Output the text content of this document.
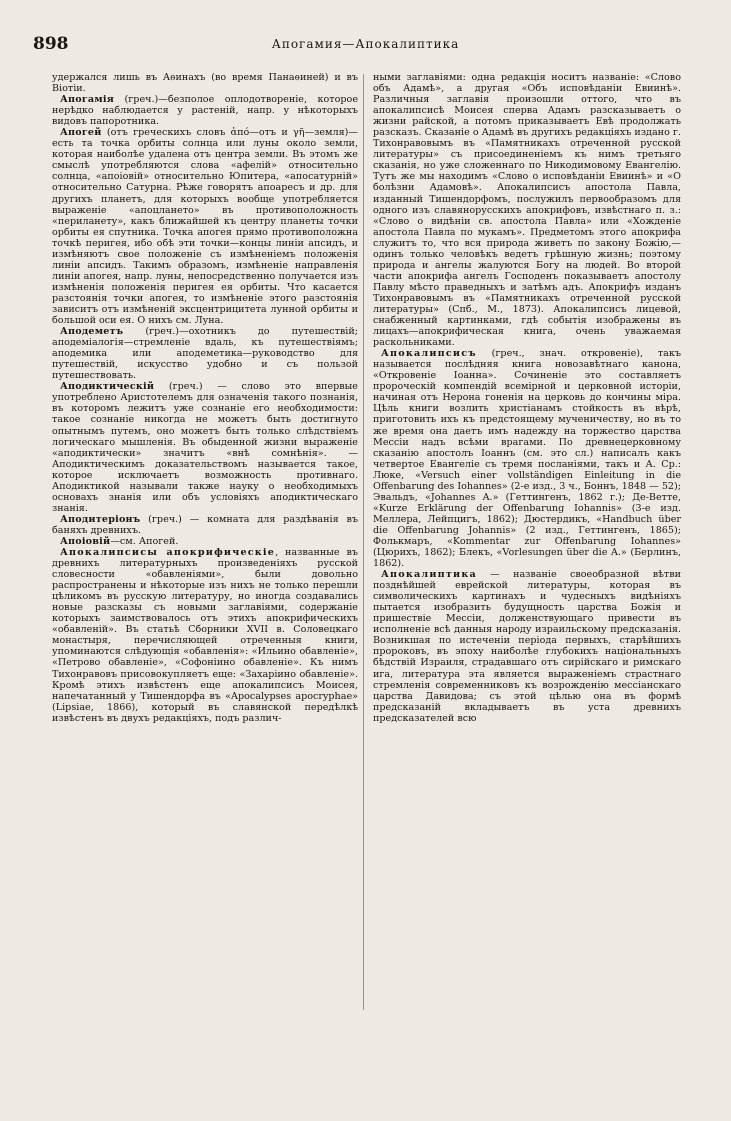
898	Апогамия—Апокалиптика

удержался лишь въ Аѳинахъ (во время Панаѳиней) и въ Віотіи.

Апогамія (греч.)—безполое оплодотвореніе, которое нерѣдко наблюдается у растеній, напр. у нѣкоторыхъ видовъ папоротника.

Апогей (отъ греческихъ словъ ἀπό—отъ и γῆ—земля)—есть та точка орбиты солнца или луны около земли, которая наиболѣе удалена отъ центра земли. Въ этомъ же смыслѣ употребляются слова «афелій» относительно солнца, «апоіовій» относительно Юпитера, «апосатурній» относительно Сатурна. Рѣже говорятъ апоаресъ и др. для другихъ планетъ, для которыхъ вообще употребляется выраженіе «апоцлането» въ противоположность «периланету», какъ ближайшей къ центру планеты точки орбиты ея спутника. Точка апогея прямо противоположна точкѣ перигея, ибо обѣ эти точки—концы линіи апсидъ, и измѣняютъ свое положеніе съ измѣненіемъ положенія линіи апсидъ. Такимъ образомъ, измѣненіе направленія линіи апогея, напр. луны, непосредственно получается изъ измѣненія положенія перигея ея орбиты. Что касается разстоянія точки апогея, то измѣненіе этого разстоянія зависитъ отъ измѣненій эксцентрицитета лунной орбиты и большой оси ея. О нихъ см. Луна.

Аподеметъ (греч.)—охотникъ до путешествій; аподеміалогія—стремленіе вдаль, къ путешествіямъ; аподемика или аподеметика—руководство для путешествій, искусство удобно и съ пользой путешествовать.

Аподиктическій (греч.) — слово это впервые употреблено Аристотелемъ для означенія такого познанія, въ которомъ лежитъ уже сознаніе его необходимости: такое сознаніе никогда не можетъ быть достигнуто опытнымъ путемъ, оно можетъ быть только слѣдствіемъ логическаго мышленія. Въ обыденной жизни выраженіе «аподиктически» значитъ «внѣ сомнѣнія». — Аподиктическимъ доказательствомъ называется такое, которое исключаетъ возможность противнаго. Аподиктикой называли также науку о необходимыхъ основахъ знанія или объ условіяхъ аподиктическаго знанія.

Аподитеріонъ (греч.) — комната для раздѣванія въ баняхъ древнихъ.

Апоіовій—см. Апогей.

Апокалипсисы апокрифическіе, названные въ древнихъ литературныхъ произведеніяхъ русской словесности «обавленіями», были довольно распространены и нѣкоторые изъ нихъ не только перешли цѣликомъ въ русскую литературу, но иногда создавались новые разсказы съ новыми заглавіями, содержаніе которыхъ заимствовалось отъ этихъ апокрифическихъ «обавленій». Въ статьѣ Сборники XVII в. Соловецкаго монастыря, перечисляющей отреченныя книги, упоминаются слѣдующія «обавленія»: «Ильино обавленіе», «Петрово обавленіе», «Софоніино обавленіе». Къ нимъ Тихонравовъ присовокупляетъ еще: «Захаріино обавленіе». Кромѣ этихъ извѣстенъ еще апокалипсисъ Моисея, напечатанный у Тишендорфа въ «Apocalypses apocryphae» (Lipsiae, 1866), который въ славянской передѣлкѣ извѣстенъ въ двухъ редакціяхъ, подъ различ-

ными заглавіями: одна редакція носитъ названіе: «Слово объ Адамѣ», а другая «Объ исповѣданіи Евиинѣ». Различныя заглавія произошли оттого, что въ апокалипсисѣ Моисея сперва Адамъ разсказываетъ о жизни райской, а потомъ приказываетъ Евѣ продолжать разсказъ. Сказаніе о Адамѣ въ другихъ редакціяхъ издано г. Тихонравовымъ въ «Памятникахъ отреченной русской литературы» съ присоединеніемъ къ нимъ третьяго сказанія, но уже сложеннаго по Никодимовому Евангелію. Тутъ же мы находимъ «Слово о исповѣданіи Евиинѣ» и «О болѣзни Адамовѣ». Апокалипсисъ апостола Павла, изданный Тишендорфомъ, послужилъ первообразомъ для одного изъ славянорусскихъ апокрифовъ, извѣстнаго п. з.: «Слово о видѣніи св. апостола Павла» или «Хожденіе апостола Павла по мукамъ». Предметомъ этого апокрифа служитъ то, что вся природа живетъ по закону Божію,—одинъ только человѣкъ ведетъ грѣшную жизнь; поэтому природа и ангелы жалуются Богу на людей. Во второй части апокрифа ангелъ Господенъ показываетъ апостолу Павлу мѣсто праведныхъ и затѣмъ адъ. Апокрифъ изданъ Тихонравовымъ въ «Памятникахъ отреченной русской литературы» (Спб., М., 1873). Апокалипсисъ лицевой, снабженный картинками, гдѣ событія изображены въ лицахъ—апокрифическая книга, очень уважаемая раскольниками.

Апокалипсисъ (греч., знач. откровеніе), такъ называется послѣдняя книга новозавѣтнаго канона, «Откровеніе Іоанна». Сочиненіе это составляетъ пророческій компендій всемірной и церковной исторіи, начиная отъ Нерона гоненія на церковь до кончины міра. Цѣль книги возлить христіанамъ стойкость въ вѣрѣ, приготовить ихъ къ предстоящему мученичеству, но въ то же время она даетъ имъ надежду на торжество царства Мессіи надъ всѣми врагами. По древнецерковному сказанію апостолъ Іоаннъ (см. это сл.) написалъ какъ четвертое Евангеліе съ тремя посланіями, такъ и А. Ср.: Люкe, «Versuch einer vollständigen Einleitung in die Offenbarung des Iohannes» (2-е изд., 3 ч., Боннъ, 1848 — 52); Эвальдъ, «Johannes A.» (Геттингенъ, 1862 г.); Де-Ветте, «Kurze Erklärung der Offenbarung Iohannis» (3-е изд. Меллера, Лейпцигъ, 1862); Дюстердикъ, «Handbuch über die Offenbarung Johannis» (2 изд., Геттингенъ, 1865); Фолькмаръ, «Kommentar zur Offenbarung Iohannes» (Цюрихъ, 1862); Блекъ, «Vorlesungen über die A.» (Берлинъ, 1862).

Апокалиптика — названіе своеобразной вѣтви позднѣйшей еврейской литературы, которая въ символическихъ картинахъ и чудесныхъ видѣніяхъ пытается изобразить будущность царства Божія и пришествіе Мессіи, долженствующаго привести въ исполненіе всѣ данныя народу израильскому предсказанія. Возникшая по истеченіи періода первыхъ, старѣйшихъ пророковъ, въ эпоху наиболѣе глубокихъ національныхъ бѣдствій Израиля, страдавшаго отъ сирійскаго и римскаго ига, литература эта является выраженіемъ страстнаго стремленія современниковъ къ возрожденію мессіанскаго царства Давидова; съ этой цѣлью она въ формѣ предсказаній вкладываетъ въ уста древнихъ предсказателей всю
